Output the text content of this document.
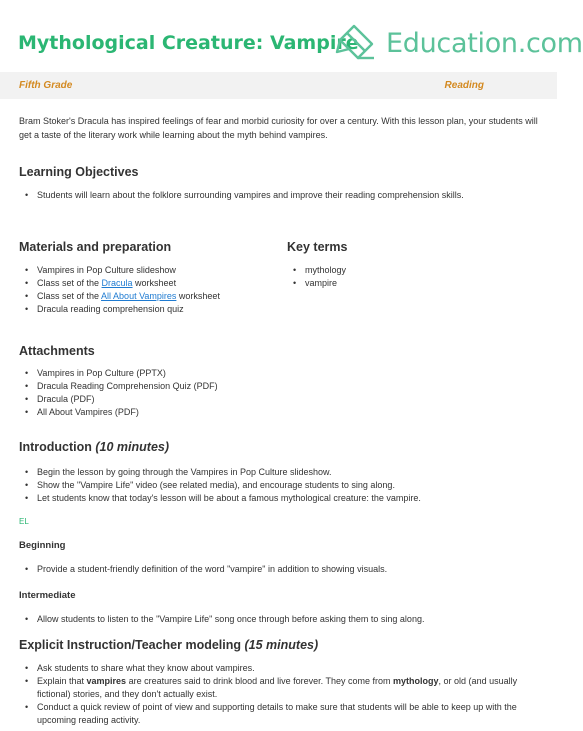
Mythological Creature: Vampire Education.com
Fifth Grade	Reading
Bram Stoker's Dracula has inspired feelings of fear and morbid curiosity for over a century. With this lesson plan, your students will get a taste of the literary work while learning about the myth behind vampires.
Learning Objectives
• Students will learn about the folklore surrounding vampires and improve their reading comprehension skills.
Materials and preparation
• Vampires in Pop Culture slideshow
• Class set of the Dracula worksheet
• Class set of the All About Vampires worksheet
• Dracula reading comprehension quiz
Key terms
• mythology
• vampire
Attachments
• Vampires in Pop Culture (PPTX)
• Dracula Reading Comprehension Quiz (PDF)
• Dracula (PDF)
• All About Vampires (PDF)
Introduction (10 minutes)
• Begin the lesson by going through the Vampires in Pop Culture slideshow.
• Show the "Vampire Life" video (see related media), and encourage students to sing along.
• Let students know that today's lesson will be about a famous mythological creature: the vampire.
EL
Beginning
• Provide a student-friendly definition of the word "vampire" in addition to showing visuals.
Intermediate
• Allow students to listen to the "Vampire Life" song once through before asking them to sing along.
Explicit Instruction/Teacher modeling (15 minutes)
• Ask students to share what they know about vampires.
• Explain that vampires are creatures said to drink blood and live forever. They come from mythology, or old (and usually fictional) stories, and they don't actually exist.
• Conduct a quick review of point of view and supporting details to make sure that students will be able to keep up with the upcoming reading activity.
